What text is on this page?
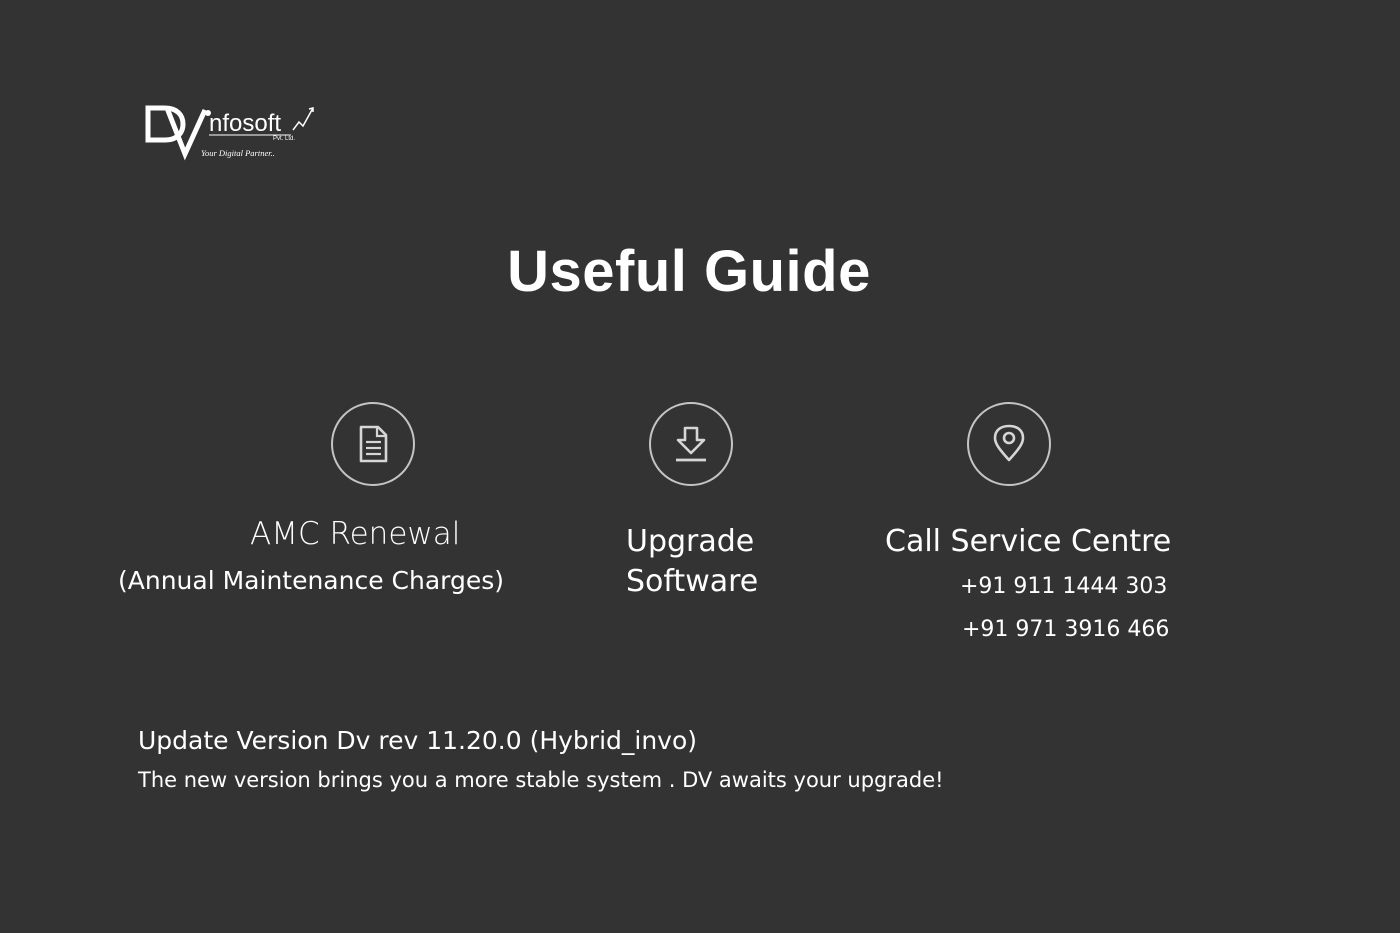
nfosoft
Pvt. Ltd.
Your Digital Partner..
Useful Guide
AMC Renewal
(Annual Maintenance Charges)
Upgrade
Software
Call Service Centre
+91 911 1444 303
+91 971 3916 466
Update Version Dv rev 11.20.0 (Hybrid_invo)
The new version brings you a more stable system . DV awaits your upgrade!
